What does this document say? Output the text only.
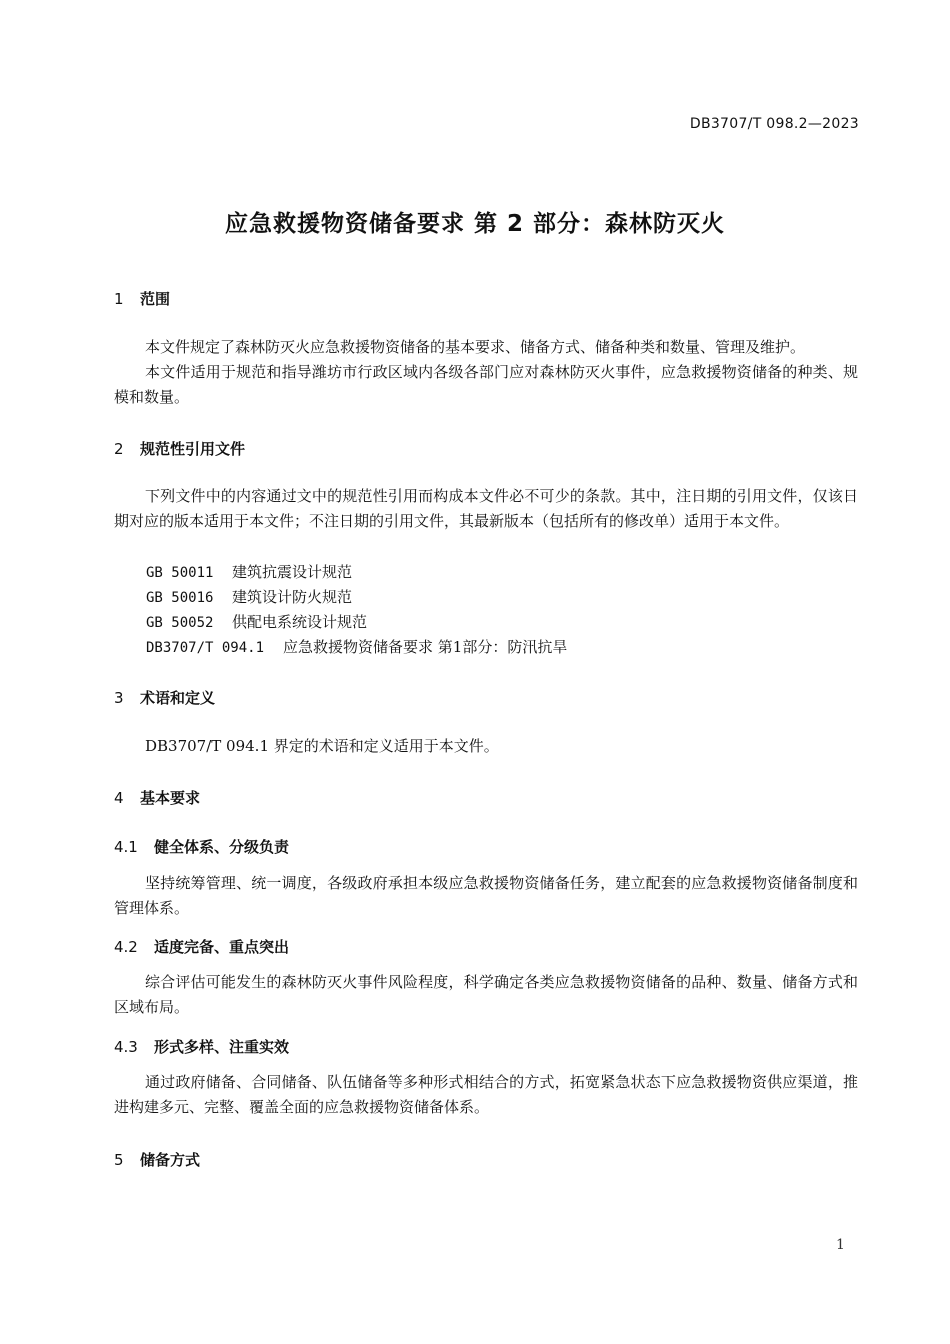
DB3707/T 098.2—2023
应急救援物资储备要求 第 2 部分：森林防灭火
1 范围
本文件规定了森林防灭火应急救援物资储备的基本要求、储备方式、储备种类和数量、管理及维护。
本文件适用于规范和指导潍坊市行政区域内各级各部门应对森林防灭火事件，应急救援物资储备的种类、规模和数量。
2 规范性引用文件
下列文件中的内容通过文中的规范性引用而构成本文件必不可少的条款。其中，注日期的引用文件，仅该日期对应的版本适用于本文件；不注日期的引用文件，其最新版本（包括所有的修改单）适用于本文件。
GB 50011 建筑抗震设计规范
GB 50016 建筑设计防火规范
GB 50052 供配电系统设计规范
DB3707/T 094.1 应急救援物资储备要求 第1部分：防汛抗旱
3 术语和定义
DB3707/T 094.1 界定的术语和定义适用于本文件。
4 基本要求
4.1 健全体系、分级负责
坚持统筹管理、统一调度，各级政府承担本级应急救援物资储备任务，建立配套的应急救援物资储备制度和管理体系。
4.2 适度完备、重点突出
综合评估可能发生的森林防灭火事件风险程度，科学确定各类应急救援物资储备的品种、数量、储备方式和区域布局。
4.3 形式多样、注重实效
通过政府储备、合同储备、队伍储备等多种形式相结合的方式，拓宽紧急状态下应急救援物资供应渠道，推进构建多元、完整、覆盖全面的应急救援物资储备体系。
5 储备方式
1
